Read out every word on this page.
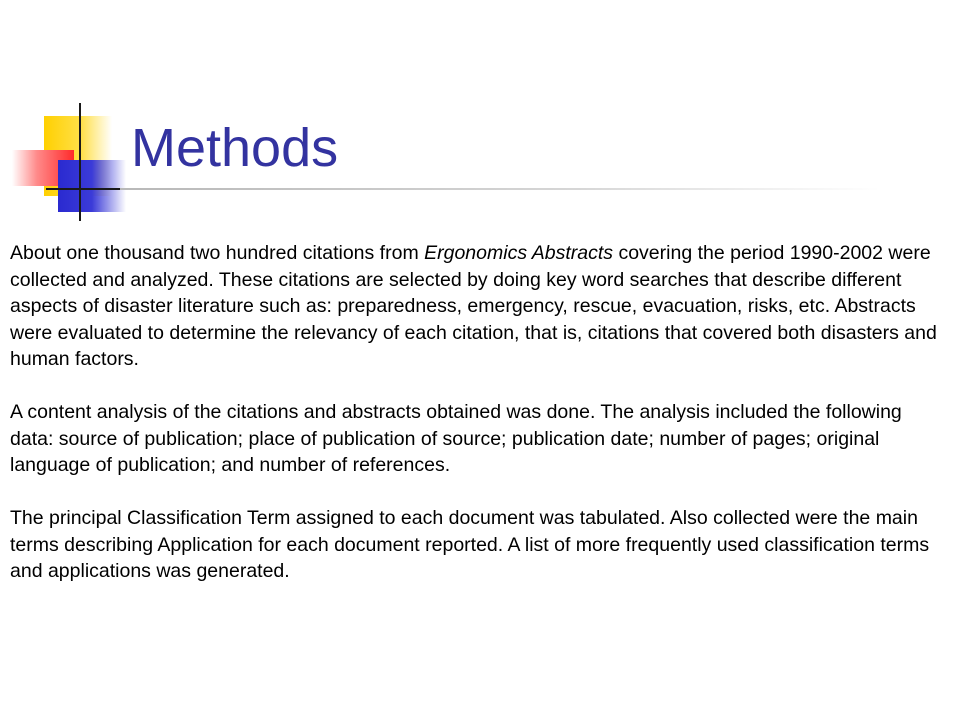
Methods

About one thousand two hundred citations from Ergonomics Abstracts covering the period 1990-2002 were collected and analyzed. These citations are selected by doing key word searches that describe different aspects of disaster literature such as: preparedness, emergency, rescue, evacuation, risks, etc. Abstracts were evaluated to determine the relevancy of each citation, that is, citations that covered both disasters and human factors.

A content analysis of the citations and abstracts obtained was done. The analysis included the following data: source of publication; place of publication of source; publication date; number of pages; original language of publication; and number of references.

The principal Classification Term assigned to each document was tabulated. Also collected were the main terms describing Application for each document reported. A list of more frequently used classification terms and applications was generated.
